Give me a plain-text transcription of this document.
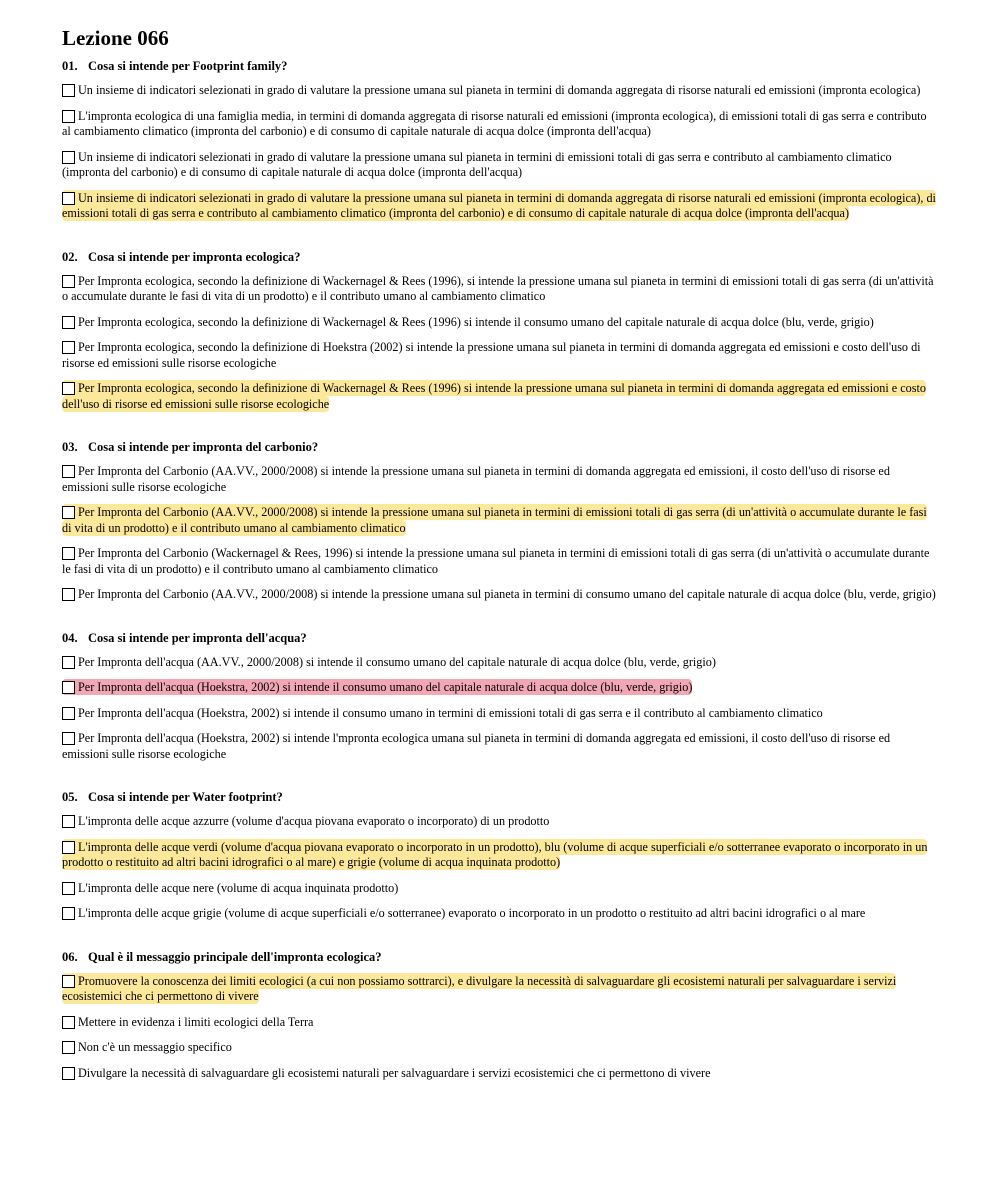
Lezione 066
01. Cosa si intende per Footprint family?
Un insieme di indicatori selezionati in grado di valutare la pressione umana sul pianeta in termini di domanda aggregata di risorse naturali ed emissioni (impronta ecologica)
L'impronta ecologica di una famiglia media, in termini di domanda aggregata di risorse naturali ed emissioni (impronta ecologica), di emissioni totali di gas serra e contributo al cambiamento climatico (impronta del carbonio) e di consumo di capitale naturale di acqua dolce (impronta dell'acqua)
Un insieme di indicatori selezionati in grado di valutare la pressione umana sul pianeta in termini di emissioni totali di gas serra e contributo al cambiamento climatico (impronta del carbonio) e di consumo di capitale naturale di acqua dolce (impronta dell'acqua)
Un insieme di indicatori selezionati in grado di valutare la pressione umana sul pianeta in termini di domanda aggregata di risorse naturali ed emissioni (impronta ecologica), di emissioni totali di gas serra e contributo al cambiamento climatico (impronta del carbonio) e di consumo di capitale naturale di acqua dolce (impronta dell'acqua)
02. Cosa si intende per impronta ecologica?
Per Impronta ecologica, secondo la definizione di Wackernagel & Rees (1996), si intende la pressione umana sul pianeta in termini di emissioni totali di gas serra (di un'attività o accumulate durante le fasi di vita di un prodotto) e il contributo umano al cambiamento climatico
Per Impronta ecologica, secondo la definizione di Wackernagel & Rees (1996) si intende il consumo umano del capitale naturale di acqua dolce (blu, verde, grigio)
Per Impronta ecologica, secondo la definizione di Hoekstra (2002) si intende la pressione umana sul pianeta in termini di domanda aggregata ed emissioni e costo dell'uso di risorse ed emissioni sulle risorse ecologiche
Per Impronta ecologica, secondo la definizione di Wackernagel & Rees (1996) si intende la pressione umana sul pianeta in termini di domanda aggregata ed emissioni e costo dell'uso di risorse ed emissioni sulle risorse ecologiche
03. Cosa si intende per impronta del carbonio?
Per Impronta del Carbonio (AA.VV., 2000/2008) si intende la pressione umana sul pianeta in termini di domanda aggregata ed emissioni, il costo dell'uso di risorse ed emissioni sulle risorse ecologiche
Per Impronta del Carbonio (AA.VV., 2000/2008) si intende la pressione umana sul pianeta in termini di emissioni totali di gas serra (di un'attività o accumulate durante le fasi di vita di un prodotto) e il contributo umano al cambiamento climatico
Per Impronta del Carbonio (Wackernagel & Rees, 1996) si intende la pressione umana sul pianeta in termini di emissioni totali di gas serra (di un'attività o accumulate durante le fasi di vita di un prodotto) e il contributo umano al cambiamento climatico
Per Impronta del Carbonio (AA.VV., 2000/2008) si intende la pressione umana sul pianeta in termini di consumo umano del capitale naturale di acqua dolce (blu, verde, grigio)
04. Cosa si intende per impronta dell'acqua?
Per Impronta dell'acqua (AA.VV., 2000/2008) si intende il consumo umano del capitale naturale di acqua dolce (blu, verde, grigio)
Per Impronta dell'acqua (Hoekstra, 2002) si intende il consumo umano del capitale naturale di acqua dolce (blu, verde, grigio)
Per Impronta dell'acqua (Hoekstra, 2002) si intende il consumo umano in termini di emissioni totali di gas serra e il contributo al cambiamento climatico
Per Impronta dell'acqua (Hoekstra, 2002) si intende l'mpronta ecologica umana sul pianeta in termini di domanda aggregata ed emissioni, il costo dell'uso di risorse ed emissioni sulle risorse ecologiche
05. Cosa si intende per Water footprint?
L'impronta delle acque azzurre (volume d'acqua piovana evaporato o incorporato) di un prodotto
L'impronta delle acque verdi (volume d'acqua piovana evaporato o incorporato in un prodotto), blu (volume di acque superficiali e/o sotterranee evaporato o incorporato in un prodotto o restituito ad altri bacini idrografici o al mare) e grigie (volume di acqua inquinata prodotto)
L'impronta delle acque nere (volume di acqua inquinata prodotto)
L'impronta delle acque grigie (volume di acque superficiali e/o sotterranee) evaporato o incorporato in un prodotto o restituito ad altri bacini idrografici o al mare
06. Qual è il messaggio principale dell'impronta ecologica?
Promuovere la conoscenza dei limiti ecologici (a cui non possiamo sottrarci), e divulgare la necessità di salvaguardare gli ecosistemi naturali per salvaguardare i servizi ecosistemici che ci permettono di vivere
Mettere in evidenza i limiti ecologici della Terra
Non c'è un messaggio specifico
Divulgare la necessità di salvaguardare gli ecosistemi naturali per salvaguardare i servizi ecosistemici che ci permettono di vivere
